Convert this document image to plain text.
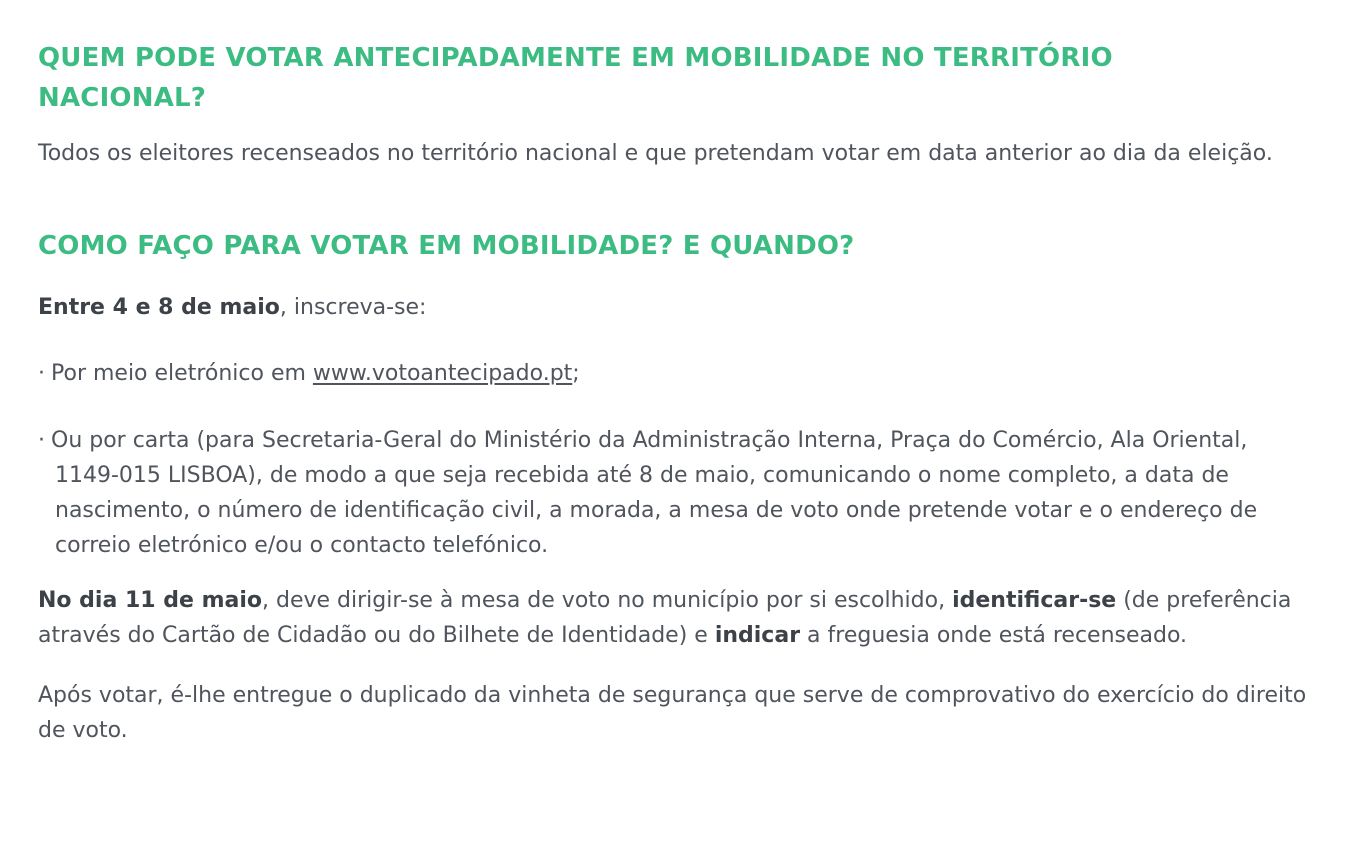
QUEM PODE VOTAR ANTECIPADAMENTE EM MOBILIDADE NO TERRITÓRIO NACIONAL?

Todos os eleitores recenseados no território nacional e que pretendam votar em data anterior ao dia da eleição.

COMO FAÇO PARA VOTAR EM MOBILIDADE? E QUANDO?

Entre 4 e 8 de maio, inscreva-se:

· Por meio eletrónico em www.votoantecipado.pt;

· Ou por carta (para Secretaria-Geral do Ministério da Administração Interna, Praça do Comércio, Ala Oriental, 1149-015 LISBOA), de modo a que seja recebida até 8 de maio, comunicando o nome completo, a data de nascimento, o número de identificação civil, a morada, a mesa de voto onde pretende votar e o endereço de correio eletrónico e/ou o contacto telefónico.

No dia 11 de maio, deve dirigir-se à mesa de voto no município por si escolhido, identificar-se (de preferência através do Cartão de Cidadão ou do Bilhete de Identidade) e indicar a freguesia onde está recenseado.

Após votar, é-lhe entregue o duplicado da vinheta de segurança que serve de comprovativo do exercício do direito de voto.
